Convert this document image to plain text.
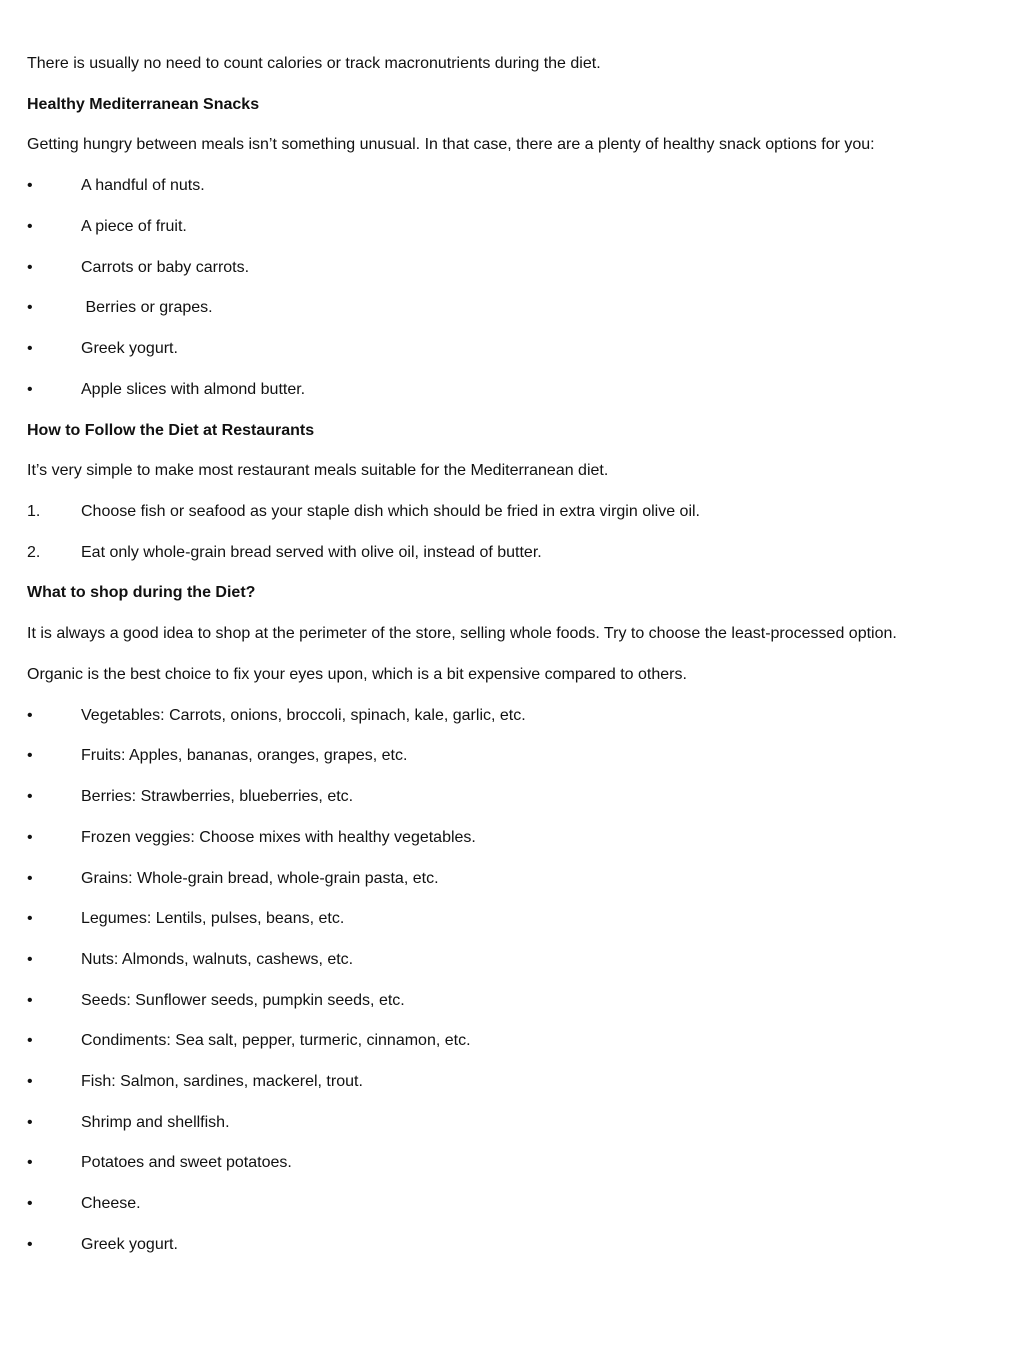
There is usually no need to count calories or track macronutrients during the diet.
Healthy Mediterranean Snacks
Getting hungry between meals isn’t something unusual. In that case, there are a plenty of healthy snack options for you:
•	A handful of nuts.
•	A piece of fruit.
•	Carrots or baby carrots.
•	Berries or grapes.
•	Greek yogurt.
•	Apple slices with almond butter.
How to Follow the Diet at Restaurants
It’s very simple to make most restaurant meals suitable for the Mediterranean diet.
1.	Choose fish or seafood as your staple dish which should be fried in extra virgin olive oil.
2.	Eat only whole-grain bread served with olive oil, instead of butter.
What to shop during the Diet?
It is always a good idea to shop at the perimeter of the store, selling whole foods. Try to choose the least-processed option.
Organic is the best choice to fix your eyes upon, which is a bit expensive compared to others.
•	Vegetables: Carrots, onions, broccoli, spinach, kale, garlic, etc.
•	Fruits: Apples, bananas, oranges, grapes, etc.
•	Berries: Strawberries, blueberries, etc.
•	Frozen veggies: Choose mixes with healthy vegetables.
•	Grains: Whole-grain bread, whole-grain pasta, etc.
•	Legumes: Lentils, pulses, beans, etc.
•	Nuts: Almonds, walnuts, cashews, etc.
•	Seeds: Sunflower seeds, pumpkin seeds, etc.
•	Condiments: Sea salt, pepper, turmeric, cinnamon, etc.
•	Fish: Salmon, sardines, mackerel, trout.
•	Shrimp and shellfish.
•	Potatoes and sweet potatoes.
•	Cheese.
•	Greek yogurt.
